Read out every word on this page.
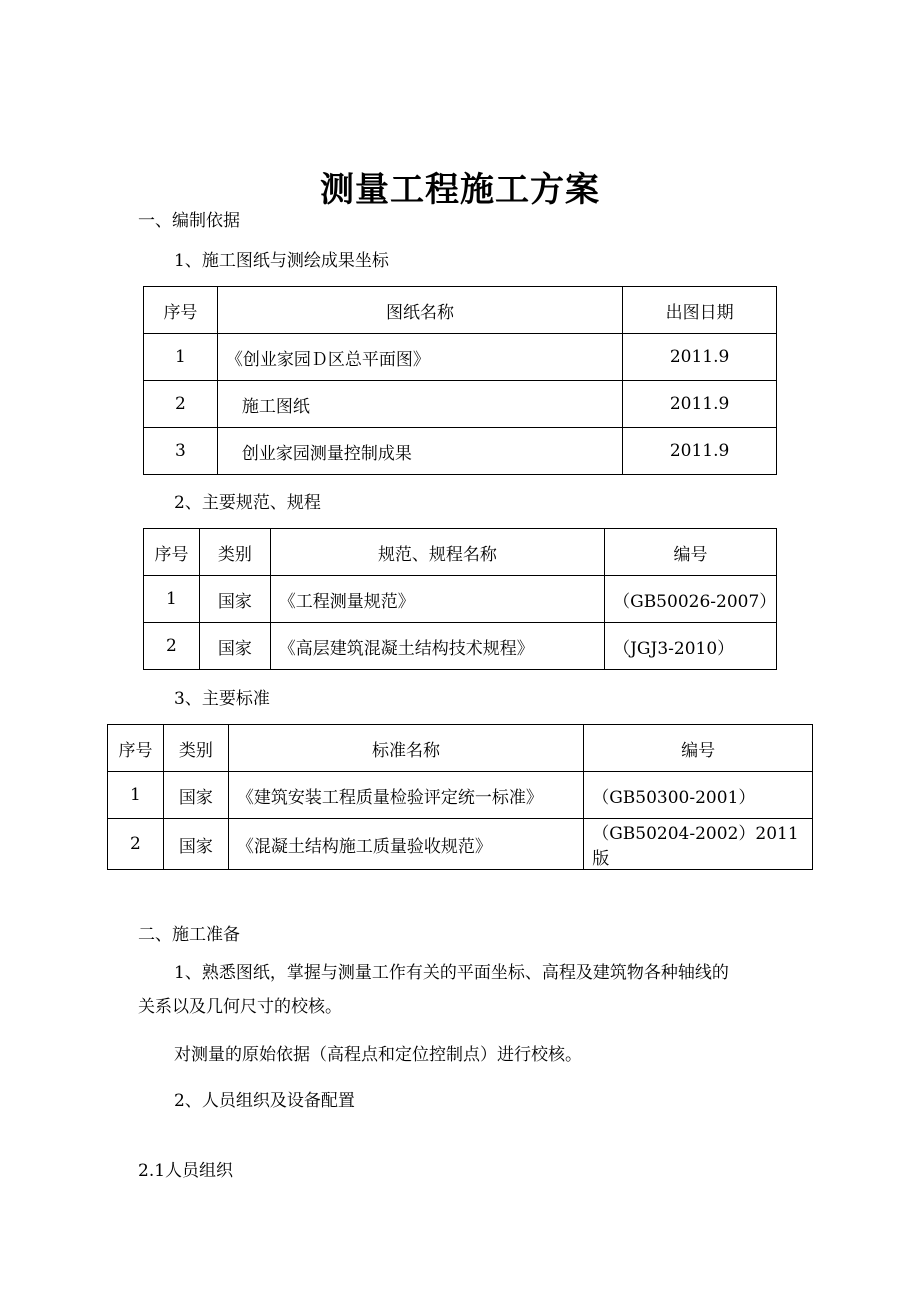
测量工程施工方案
一、编制依据
1、施工图纸与测绘成果坐标
序号	图纸名称	出图日期
1	《创业家园Ｄ区总平面图》	2011.9
2	施工图纸	2011.9
3	创业家园测量控制成果	2011.9
2、主要规范、规程
序号	类别	规范、规程名称	编号
1	国家	《工程测量规范》	（GB50026-2007）
2	国家	《高层建筑混凝土结构技术规程》	（JGJ3-2010）
3、主要标准
序号	类别	标准名称	编号
1	国家	《建筑安装工程质量检验评定统一标准》	（GB50300-2001）
2	国家	《混凝土结构施工质量验收规范》	（GB50204-2002）2011版
二、施工准备
1、熟悉图纸，掌握与测量工作有关的平面坐标、高程及建筑物各种轴线的
关系以及几何尺寸的校核。
对测量的原始依据（高程点和定位控制点）进行校核。
2、人员组织及设备配置
2.1人员组织
